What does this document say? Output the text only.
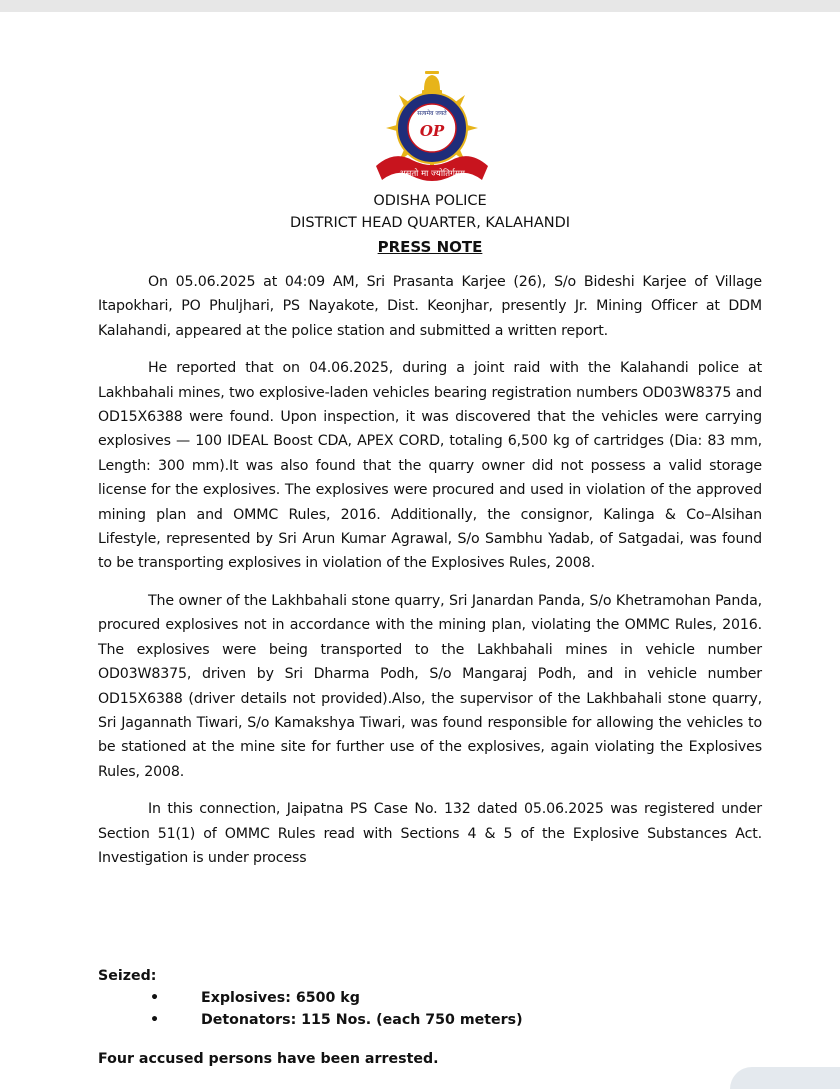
सत्यमेव जयते
OP
असतो मा ज्योतिर्गमय
ODISHA POLICE
DISTRICT HEAD QUARTER, KALAHANDI
PRESS NOTE

On 05.06.2025 at 04:09 AM, Sri Prasanta Karjee (26), S/o Bideshi Karjee of Village Itapokhari, PO Phuljhari, PS Nayakote, Dist. Keonjhar, presently Jr. Mining Officer at DDM Kalahandi, appeared at the police station and submitted a written report.

He reported that on 04.06.2025, during a joint raid with the Kalahandi police at Lakhbahali mines, two explosive-laden vehicles bearing registration numbers OD03W8375 and OD15X6388 were found. Upon inspection, it was discovered that the vehicles were carrying explosives — 100 IDEAL Boost CDA, APEX CORD, totaling 6,500 kg of cartridges (Dia: 83 mm, Length: 300 mm).It was also found that the quarry owner did not possess a valid storage license for the explosives. The explosives were procured and used in violation of the approved mining plan and OMMC Rules, 2016. Additionally, the consignor, Kalinga & Co–Alsihan Lifestyle, represented by Sri Arun Kumar Agrawal, S/o Sambhu Yadab, of Satgadai, was found to be transporting explosives in violation of the Explosives Rules, 2008.

The owner of the Lakhbahali stone quarry, Sri Janardan Panda, S/o Khetramohan Panda, procured explosives not in accordance with the mining plan, violating the OMMC Rules, 2016. The explosives were being transported to the Lakhbahali mines in vehicle number OD03W8375, driven by Sri Dharma Podh, S/o Mangaraj Podh, and in vehicle number OD15X6388 (driver details not provided).Also, the supervisor of the Lakhbahali stone quarry, Sri Jagannath Tiwari, S/o Kamakshya Tiwari, was found responsible for allowing the vehicles to be stationed at the mine site for further use of the explosives, again violating the Explosives Rules, 2008.

In this connection, Jaipatna PS Case No. 132 dated 05.06.2025 was registered under Section 51(1) of OMMC Rules read with Sections 4 & 5 of the Explosive Substances Act. Investigation is under process

Seized:
•	Explosives: 6500 kg
•	Detonators: 115 Nos. (each 750 meters)
Four accused persons have been arrested.
